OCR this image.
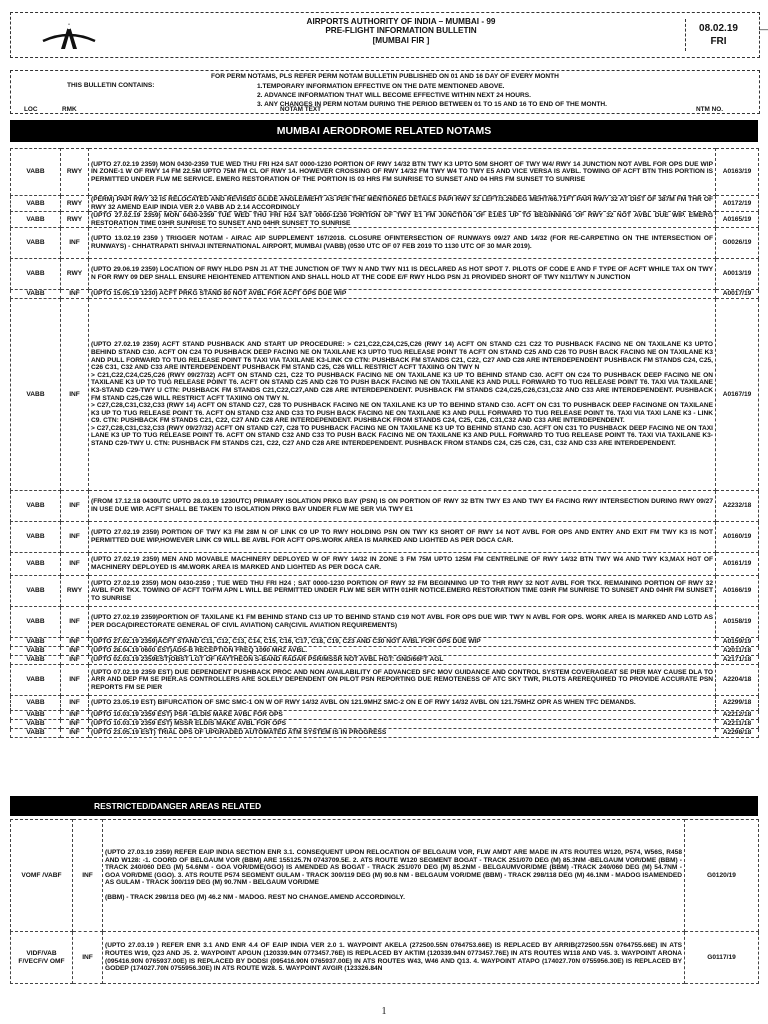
AIRPORTS AUTHORITY OF INDIA – MUMBAI - 99
PRE-FLIGHT INFORMATION BULLETIN
[MUMBAI FIR ]
08.02.19
FRI
—
FOR PERM NOTAMS, PLS REFER PERM NOTAM BULLETIN PUBLISHED ON 01 AND 16 DAY OF EVERY MONTH
THIS BULLETIN CONTAINS:	1.TEMPORARY INFORMATION EFFECTIVE ON THE DATE MENTIONED ABOVE.
2. ADVANCE INFORMATION THAT WILL BECOME EFFECTIVE WITHIN NEXT 24 HOURS.
3. ANY CHANGES IN PERM NOTAM DURING THE PERIOD BETWEEN 01 TO 15 AND 16 TO END OF THE MONTH.
LOC	RMK	NOTAM TEXT	NTM NO.
MUMBAI AERODROME RELATED NOTAMS
VABB	RWY	(UPTO 27.02.19 2359) MON 0430-2359 TUE WED THU FRI H24 SAT 0000-1230 PORTION OF RWY 14/32 BTN TWY K3 UPTO 50M SHORT OF TWY W4/ RWY 14 JUNCTION NOT AVBL FOR OPS DUE WIP IN ZONE-1 W OF RWY 14 FM 22.5M UPTO 75M FM CL OF RWY 14. HOWEVER CROSSING OF RWY 14/32 FM TWY W4 TO TWY E5 AND VICE VERSA IS AVBL. TOWING OF ACFT BTN THIS PORTION IS PERMITTED UNDER FLW ME SERVICE. EMERG RESTORATION OF THE PORTION IS 03 HRS FM SUNRISE TO SUNSET AND 04 HRS FM SUNSET TO SUNRISE	A0163/19

VABB	RWY	(PERM) PAPI RWY 32 IS RELOCATED AND REVISED GLIDE ANGLE/MEHT AS PER THE MENTIONED DETAILS PAPI RWY 32 LEFT/3.26DEG MEHT/66.71FT PAPI RWY 32 AT DIST OF 387M FM THR OF RWY 32 AMEND EAIP INDIA VER 2.0 VABB AD 2.14 ACCORDINGLY	A0172/19

VABB	RWY	(UPTO 27.02.19 2359) MON 0430-2359 TUE WED THU FRI H24 SAT 0000-1230 PORTION OF TWY E1 FM JUNCTION OF E1/E3 UP TO BEGINNING OF RWY 32 NOT AVBL DUE WIP. EMERG RESTORATION TIME 03HR SUNRISE TO SUNSET AND 04HR SUNSET TO SUNRISE	A0165/19

VABB	INF	(UPTO 13.02.19 2359 ) TRIGGER NOTAM - AIRAC AIP SUPPLEMENT 167/2018. CLOSURE OFINTERSECTION OF RUNWAYS 09/27 AND 14/32 (FOR RE-CARPETING ON THE INTERSECTION OF RUNWAYS) - CHHATRAPATI SHIVAJI INTERNATIONAL AIRPORT, MUMBAI (VABB) (0530 UTC OF 07 FEB 2019 TO 1130 UTC OF 30 MAR 2019).	G0026/19

VABB	RWY	(UPTO 29.06.19 2359) LOCATION OF RWY HLDG PSN J1 AT THE JUNCTION OF TWY N AND TWY N11 IS DECLARED AS HOT SPOT 7. PILOTS OF CODE E AND F TYPE OF ACFT WHILE TAX ON TWY N FOR RWY 09 DEP SHALL ENSURE HEIGHTENED ATTENTION AND SHALL HOLD AT THE CODE E/F RWY HLDG PSN J1 PROVIDED SHORT OF TWY N11/TWY N JUNCTION	A0013/19

VABB	INF	(UPTO 15.05.19 1230) ACFT PRKG STAND 80 NOT AVBL FOR ACFT OPS DUE WIP	A0017/19

VABB	INF	(UPTO 27.02.19 2359) ACFT STAND PUSHBACK AND START UP PROCEDURE: > C21,C22,C24,C25,C26 (RWY 14) ACFT ON STAND C21 C22 TO PUSHBACK FACING NE ON TAXILANE K3 UPTO BEHIND STAND C30. ACFT ON C24 TO PUSHBACK DEEP FACING NE ON TAXILANE K3 UPTO TUG RELEASE POINT T6 ACFT ON STAND C25 AND C26 TO PUSH BACK FACING NE ON TAXILANE K3 AND PULL FORWARD TO TUG RELEASE POINT T6 TAXI VIA TAXILANE K3-LINK C9 CTN: PUSHBACK FM STANDS C21, C22, C27 AND C28 ARE INTERDEPENDENT PUSHBACK FM STANDS C24, C25, C26 C31, C32 AND C33 ARE INTERDEPENDENT PUSHBACK FM STAND C25, C26 WILL RESTRICT ACFT TAXIING ON TWY N
> C21,C22,C24,C25,C26 (RWY 09/27/32) ACFT ON STAND C21, C22 TO PUSHBACK FACING NE ON TAXILANE K3 UP TO BEHIND STAND C30. ACFT ON C24 TO PUSHBACK DEEP FACING NE ON TAXILANE K3 UP TO TUG RELEASE POINT T6. ACFT ON STAND C25 AND C26 TO PUSH BACK FACING NE ON TAXILANE K3 AND PULL FORWARD TO TUG RELEASE POINT T6. TAXI VIA TAXILANE K3-STAND C29-TWY U CTN: PUSHBACK FM STANDS C21,C22,C27,AND C28 ARE INTERDEPENDENT. PUSHBACK FM STANDS C24,C25,C26,C31,C32 AND C33 ARE INTERDEPENDENT. PUSHBACK FM STAND C25,C26 WILL RESTRICT ACFT TAXIING ON TWY N.
> C27,C28,C31,C32,C33 (RWY 14) ACFT ON STAND C27, C28 TO PUSHBACK FACING NE ON TAXILANE K3 UP TO BEHIND STAND C30. ACFT ON C31 TO PUSHBACK DEEP FACINGNE ON TAXILANE K3 UP TO TUG RELEASE POINT T6. ACFT ON STAND C32 AND C33 TO PUSH BACK FACING NE ON TAXILANE K3 AND PULL FORWARD TO TUG RELEASE POINT T6. TAXI VIA TAXI LANE K3 - LINK C9. CTN: PUSHBACK FM STANDS C21, C22, C27 AND C28 ARE INTERDEPENDENT. PUSHBACK FROM STANDS C24, C25, C26, C31,C32 AND C33 ARE INTERDEPENDENT.
> C27,C28,C31,C32,C33 (RWY 09/27/32) ACFT ON STAND C27, C28 TO PUSHBACK FACING NE ON TAXILANE K3 UP TO BEHIND STAND C30. ACFT ON C31 TO PUSHBACK DEEP FACING NE ON TAXI LANE K3 UP TO TUG RELEASE POINT T6. ACFT ON STAND C32 AND C33 TO PUSH BACK FACING NE ON TAXILANE K3 AND PULL FORWARD TO TUG RELEASE POINT T6. TAXI VIA TAXILANE K3-STAND C29-TWY U. CTN: PUSHBACK FM STANDS C21, C22, C27 AND C28 ARE INTERDEPENDENT. PUSHBACK FROM STANDS C24, C25 C26, C31, C32 AND C33 ARE INTERDEPENDENT.	A0167/19

VABB	INF	(FROM 17.12.18 0430UTC UPTO 28.03.19 1230UTC) PRIMARY ISOLATION PRKG BAY (PSN) IS ON PORTION OF RWY 32 BTN TWY E3 AND TWY E4 FACING RWY INTERSECTION DURING RWY 09/27 IN USE DUE WIP. ACFT SHALL BE TAKEN TO ISOLATION PRKG BAY UNDER FLW ME SER VIA TWY E1	A2232/18

VABB	INF	(UPTO 27.02.19 2359) PORTION OF TWY K3 FM 28M N OF LINK C9 UP TO RWY HOLDING PSN ON TWY K3 SHORT OF RWY 14 NOT AVBL FOR OPS AND ENTRY AND EXIT FM TWY K3 IS NOT PERMITTED DUE WIP,HOWEVER LINK C9 WILL BE AVBL FOR ACFT OPS.WORK AREA IS MARKED AND LIGHTED AS PER DGCA CAR.	A0160/19

VABB	INF	(UPTO 27.02.19 2359) MEN AND MOVABLE MACHINERY DEPLOYED W OF RWY 14/32 IN ZONE 3 FM 75M UPTO 125M FM CENTRELINE OF RWY 14/32 BTN TWY W4 AND TWY K3,MAX HGT OF MACHINERY DEPLOYED IS 4M.WORK AREA IS MARKED AND LIGHTED AS PER DGCA CAR.	A0161/19

VABB	RWY	(UPTO 27.02.19 2359) MON 0430-2359 ; TUE WED THU FRI H24 ; SAT 0000-1230 PORTION OF RWY 32 FM BEGINNING UP TO THR RWY 32 NOT AVBL FOR TKX. REMAINING PORTION OF RWY 32 AVBL FOR TKX. TOWING OF ACFT TO/FM APN L WILL BE PERMITTED UNDER FLW ME SER WITH 01HR NOTICE.EMERG RESTORATION TIME 03HR FM SUNRISE TO SUNSET AND 04HR FM SUNSET TO SUNRISE	A0166/19

VABB	INF	(UPTO 27.02.19 2359)PORTION OF TAXILANE K1 FM BEHIND STAND C13 UP TO BEHIND STAND C19 NOT AVBL FOR OPS DUE WIP. TWY N AVBL FOR OPS. WORK AREA IS MARKED AND LGTD AS PER DGCA(DIRECTORATE GENERAL OF CIVIL AVIATION) CAR(CIVIL AVIATION REQUIREMENTS)	A0158/19

VABB	INF	(UPTO 27.02.19 2359)ACFT STAND C11, C12, C13, C14, C15, C16, C17, C18, C19, C23 AND C30 NOT AVBL FOR OPS DUE WIP	A0159/19

VABB	INF	(UPTO 28.04.19 0600 EST)ADS-B RECEPTION FREQ 1090 MHZ AVBL.	A2011/18

VABB	INF	(UPTO 02.03.19 2359EST)OBST LGT OF RAYTHEON S-BAND RADAR PSR/MSSR NOT AVBL HGT: GND/66FT AGL	A2171/18

VABB	INF	(UPTO 07.02.19 2359 EST) DUE DEPENDENT PUSHBACK PROC AND NON AVAILABILITY OF ADVANCED SFC MOV GUIDANCE AND CONTROL SYSTEM COVERAGEAT SE PIER MAY CAUSE DLA TO ARR AND DEP FM SE PIER.AS CONTROLLERS ARE SOLELY DEPENDENT ON PILOT PSN REPORTING DUE REMOTENESS OF ATC SKY TWR, PILOTS AREREQUIRED TO PROVIDE ACCURATE PSN REPORTS FM SE PIER	A2204/18

VABB	INF	(UPTO 23.05.19 EST) BIFURCATION OF SMC SMC-1 ON W OF RWY 14/32 AVBL ON 121.9MHZ SMC-2 ON E OF RWY 14/32 AVBL ON 121.75MHZ OPR AS WHEN TFC DEMANDS.	A2299/18

VABB	INF	(UPTO 10.03.19 2359 EST) PSR -ELDIS MAKE AVBL FOR OPS	A2212/18

VABB	INF	(UPTO 10.03.19 2359 EST) MSSR ELDIS MAKE AVBL FOR OPS	A2211/18

VABB	INF	(UPTO 23.05.19 EST) TRIAL OPS OF UPGRADED AUTOMATED ATM SYSTEM IS IN PROGRESS	A2298/18
RESTRICTED/DANGER AREAS RELATED
VOMF /VABF	INF	(UPTO 27.03.19 2359) REFER EAIP INDIA SECTION ENR 3.1. CONSEQUENT UPON RELOCATION OF BELGAUM VOR, FLW AMDT ARE MADE IN ATS ROUTES W120, P574, W56S, R458 AND W128: -1. COORD OF BELGAUM VOR (BBM) ARE 155125.7N 0743709.5E. 2. ATS ROUTE W120 SEGMENT BOGAT - TRACK 251/070 DEG (M) 85.3NM -BELGAUM VOR/DME (BBM) -TRACK 240/060 DEG (M) 54.6NM - GOA VOR/DME(GGO) IS AMENDED AS BOGAT - TRACK 251/070 DEG (M) 85.2NM - BELGAUMVOR/DME (BBM) -TRACK 240/060 DEG (M) 54.7NM - GOA VOR/DME (GGO). 3. ATS ROUTE P574 SEGMENT GULAM - TRACK 300/119 DEG (M) 90.8 NM - BELGAUM VOR/DME (BBM) - TRACK 298/118 DEG (M) 46.1NM - MADOG ISAMENDED AS GULAM - TRACK 300/119 DEG (M) 90.7NM - BELGAUM VOR/DME

(BBM) - TRACK 298/118 DEG (M) 46.2 NM - MADOG. REST NO CHANGE.AMEND ACCORDINGLY.	G0120/19

VIDF/VAB F/VECF/V OMF	INF	(UPTO 27.03.19 ) REFER ENR 3.1 AND ENR 4.4 OF EAIP INDIA VER 2.0 1. WAYPOINT AKELA (272500.55N 0764753.66E) IS REPLACED BY ARRIB(272500.55N 0764755.66E) IN ATS ROUTES W19, Q23 AND J5. 2. WAYPOINT APGUN (120339.94N 0773457.76E) IS REPLACED BY AKTIM (120339.94N 0773457.76E) IN ATS ROUTES W118 AND V45. 3. WAYPOINT ARONA (095416.90N 0765937.00E) IS REPLACED BY DODSI (095416.90N 0765937.00E) IN ATS ROUTES W43, W46 AND Q13. 4. WAYPOINT ATAPO (174027.70N 0755956.30E) IS REPLACED BY GODEP (174027.70N 0755956.30E) IN ATS ROUTE W28. 5. WAYPOINT AVGIR (123326.84N	G0117/19
1
